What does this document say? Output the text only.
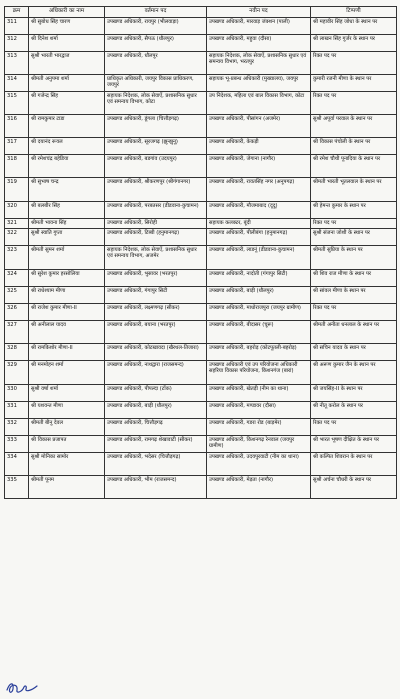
क्रम	अधिकारी का नाम	वर्तमान पद	नवीन पद	टिप्पणी
311	श्री सुबोध सिंह चारण	उपखण्ड अधिकारी, रायपुर (भीलवाड़ा)	उपखण्ड अधिकारी, मारवाड़ जंक्शन (पाली)	श्री महावीर सिंह जोधा के स्थान पर
312	श्री दिनेश शर्मा	उपखण्ड अधिकारी, सैपऊ (धौलपुर)	उपखण्ड अधिकारी, महुवा (दौसा)	श्री लाखन सिंह गुर्जर के स्थान पर
313	सुश्री भारती भारद्वाज	उपखण्ड अधिकारी, धौलपुर	सहायक निदेशक, लोक सेवाऐं, प्रशासनिक सुधार एवं समन्वय विभाग, भरतपुर	रिक्त पद पर
314	श्रीमती अनुपमा शर्मा	प्राधिकृत अधिकारी, जयपुर विकास प्राधिकरण, जयपुर	सहायक भू-प्रबन्ध अधिकारी (मुख्यालय), जयपुर	कुमारी रजनी मीणा के स्थान पर
315	श्री गजेन्द्र सिंह	सहायक निदेशक, लोक सेवाऐं, प्रशासनिक सुधार एवं समन्वय विभाग, कोटा	उप निदेशक, महिला एवं बाल विकास विभाग, कोटा	रिक्त पद पर
316	श्री रामकुमार टाडा	उपखण्ड अधिकारी, डूंगला (चित्तौड़गढ़)	उपखण्ड अधिकारी, पीसांगन (अजमेर)	सुश्री अपूर्वा परवाल के स्थान पर
317	श्री दयानंद रूयल	उपखण्ड अधिकारी, सूरजगढ़ (झुन्झुनू)	उपखण्ड अधिकारी, केकड़ी	श्री विकास पंचोली के स्थान पर
318	श्री रमेशचंद्र बहेडिया	उपखण्ड अधिकारी, बडगांव (उदयपुर)	उपखण्ड अधिकारी, जेगाना (नागौर)	श्री रमेश चौथी पूनादिया के स्थान पर
319	श्री सुभाष चन्द्र	उपखण्ड अधिकारी, श्रीकरणपुर (श्रीगंगानगर)	उपखण्ड अधिकारी, रावतसिंह नगर (अनूपगढ़)	श्रीमती भारती भूतलवाल के स्थान पर
320	श्री बलबीर सिंह	उपखण्ड अधिकारी, परबतसर (डीडवाना-कुचामन)	उपखण्ड अधिकारी, मौजमाबाद (दूदू)	श्री हेमन्त कुमार के स्थान पर
321	श्रीमती भावना सिंह	उपखण्ड अधिकारी, सिरोही	सहायक कलक्टर, बूंदी	रिक्त पद पर
322	सुश्री स्वाति गुप्ता	उपखण्ड अधिकारी, टिब्बी (हनुमानगढ़)	उपखण्ड अधिकारी, पीलीबंगा (हनुमानगढ़)	सुश्री संजना जोशी के स्थान पर
323	श्रीमती सुमन शर्मा	सहायक निदेशक, लोक सेवाऐं, प्रशासनिक सुधार एवं समन्वय विभाग, अजमेर	उपखण्ड अधिकारी, लाडनूं (डीडवाना-कुचामन)	श्रीमती सुप्रिया के स्थान पर
324	श्री सुरेश कुमार हरसोलिया	उपखण्ड अधिकारी, भुसावर (भरतपुर)	उपखण्ड अधिकारी, नादोती (गंगापुर सिटी)	श्री शिव राज मीणा के स्थान पर
325	श्री राधेश्याम मीणा	उपखण्ड अधिकारी, गंगापुर सिटी	उपखण्ड अधिकारी, बाड़ी (धौलपुर)	श्री सांवल मीणा के स्थान पर
326	श्री राजेश कुमार मीणा-II	उपखण्ड अधिकारी, लक्ष्मणगढ़ (सीकर)	उपखण्ड अधिकारी, माधोराजपुरा (जयपुर ग्रामीण)	रिक्त पद पर
327	श्री अनीलाल यादव	उपखण्ड अधिकारी, बयाना (भरतपुर)	उपखण्ड अधिकारी, बीदासर (चूरू)	श्रीमती अनीता धनलाल के स्थान पर
328	श्री रामकिशोर मीणा-II	उपखण्ड अधिकारी, कोटखावदा (खैरथल-तिजारा)	उपखण्ड अधिकारी, बहरोड़ (कोटपूतली-बहरोड़)	श्री सचिन यादव के स्थान पर
329	श्री मनमोहन शर्मा	उपखण्ड अधिकारी, नाथद्वारा (राजसमन्द)	उपखण्ड अधिकारी एवं उप परियोजना अधिकारी सहरिया विकास परियोजना, किशनगंज (बारां)	श्री अरूण कुमार जैन के स्थान पर
330	सुश्री वर्षा शर्मा	उपखण्ड अधिकारी, पीपल्दा (टोंक)	उपखण्ड अधिकारी, खेतड़ी (नीम का थाना)	श्री जयसिंह-II के स्थान पर
331	श्री यशवन्त मीणा	उपखण्ड अधिकारी, बाड़ी (धौलपुर)	उपखण्ड अधिकारी, मण्डावर (दौसा)	श्री नीतू करोल के स्थान पर
332	श्रीमती बीनू देवल	उपखण्ड अधिकारी, चित्तौड़गढ़	उपखण्ड अधिकारी, गडरा रोड (बाड़मेर)	रिक्त पद पर
333	श्री विकास प्रजापत	उपखण्ड अधिकारी, रामगढ़ शेखावाटी (सीकर)	उपखण्ड अधिकारी, किशनगढ़ रेनवाल (जयपुर ग्रामीण)	श्री भारत भूषण दीक्षित के स्थान पर
334	सुश्री मोनिका सामोर	उपखण्ड अधिकारी, भदेसर (चित्तौड़गढ़)	उपखण्ड अधिकारी, उदयपुरवाटी (नीम का थाना)	श्री कल्पित शिवरान के स्थान पर
335	श्रीमती पूनम	उपखण्ड अधिकारी, भीम (राजसमन्द)	उपखण्ड अधिकारी, मेड़ता (नागौर)	सुश्री अर्चना चौधरी के स्थान पर
